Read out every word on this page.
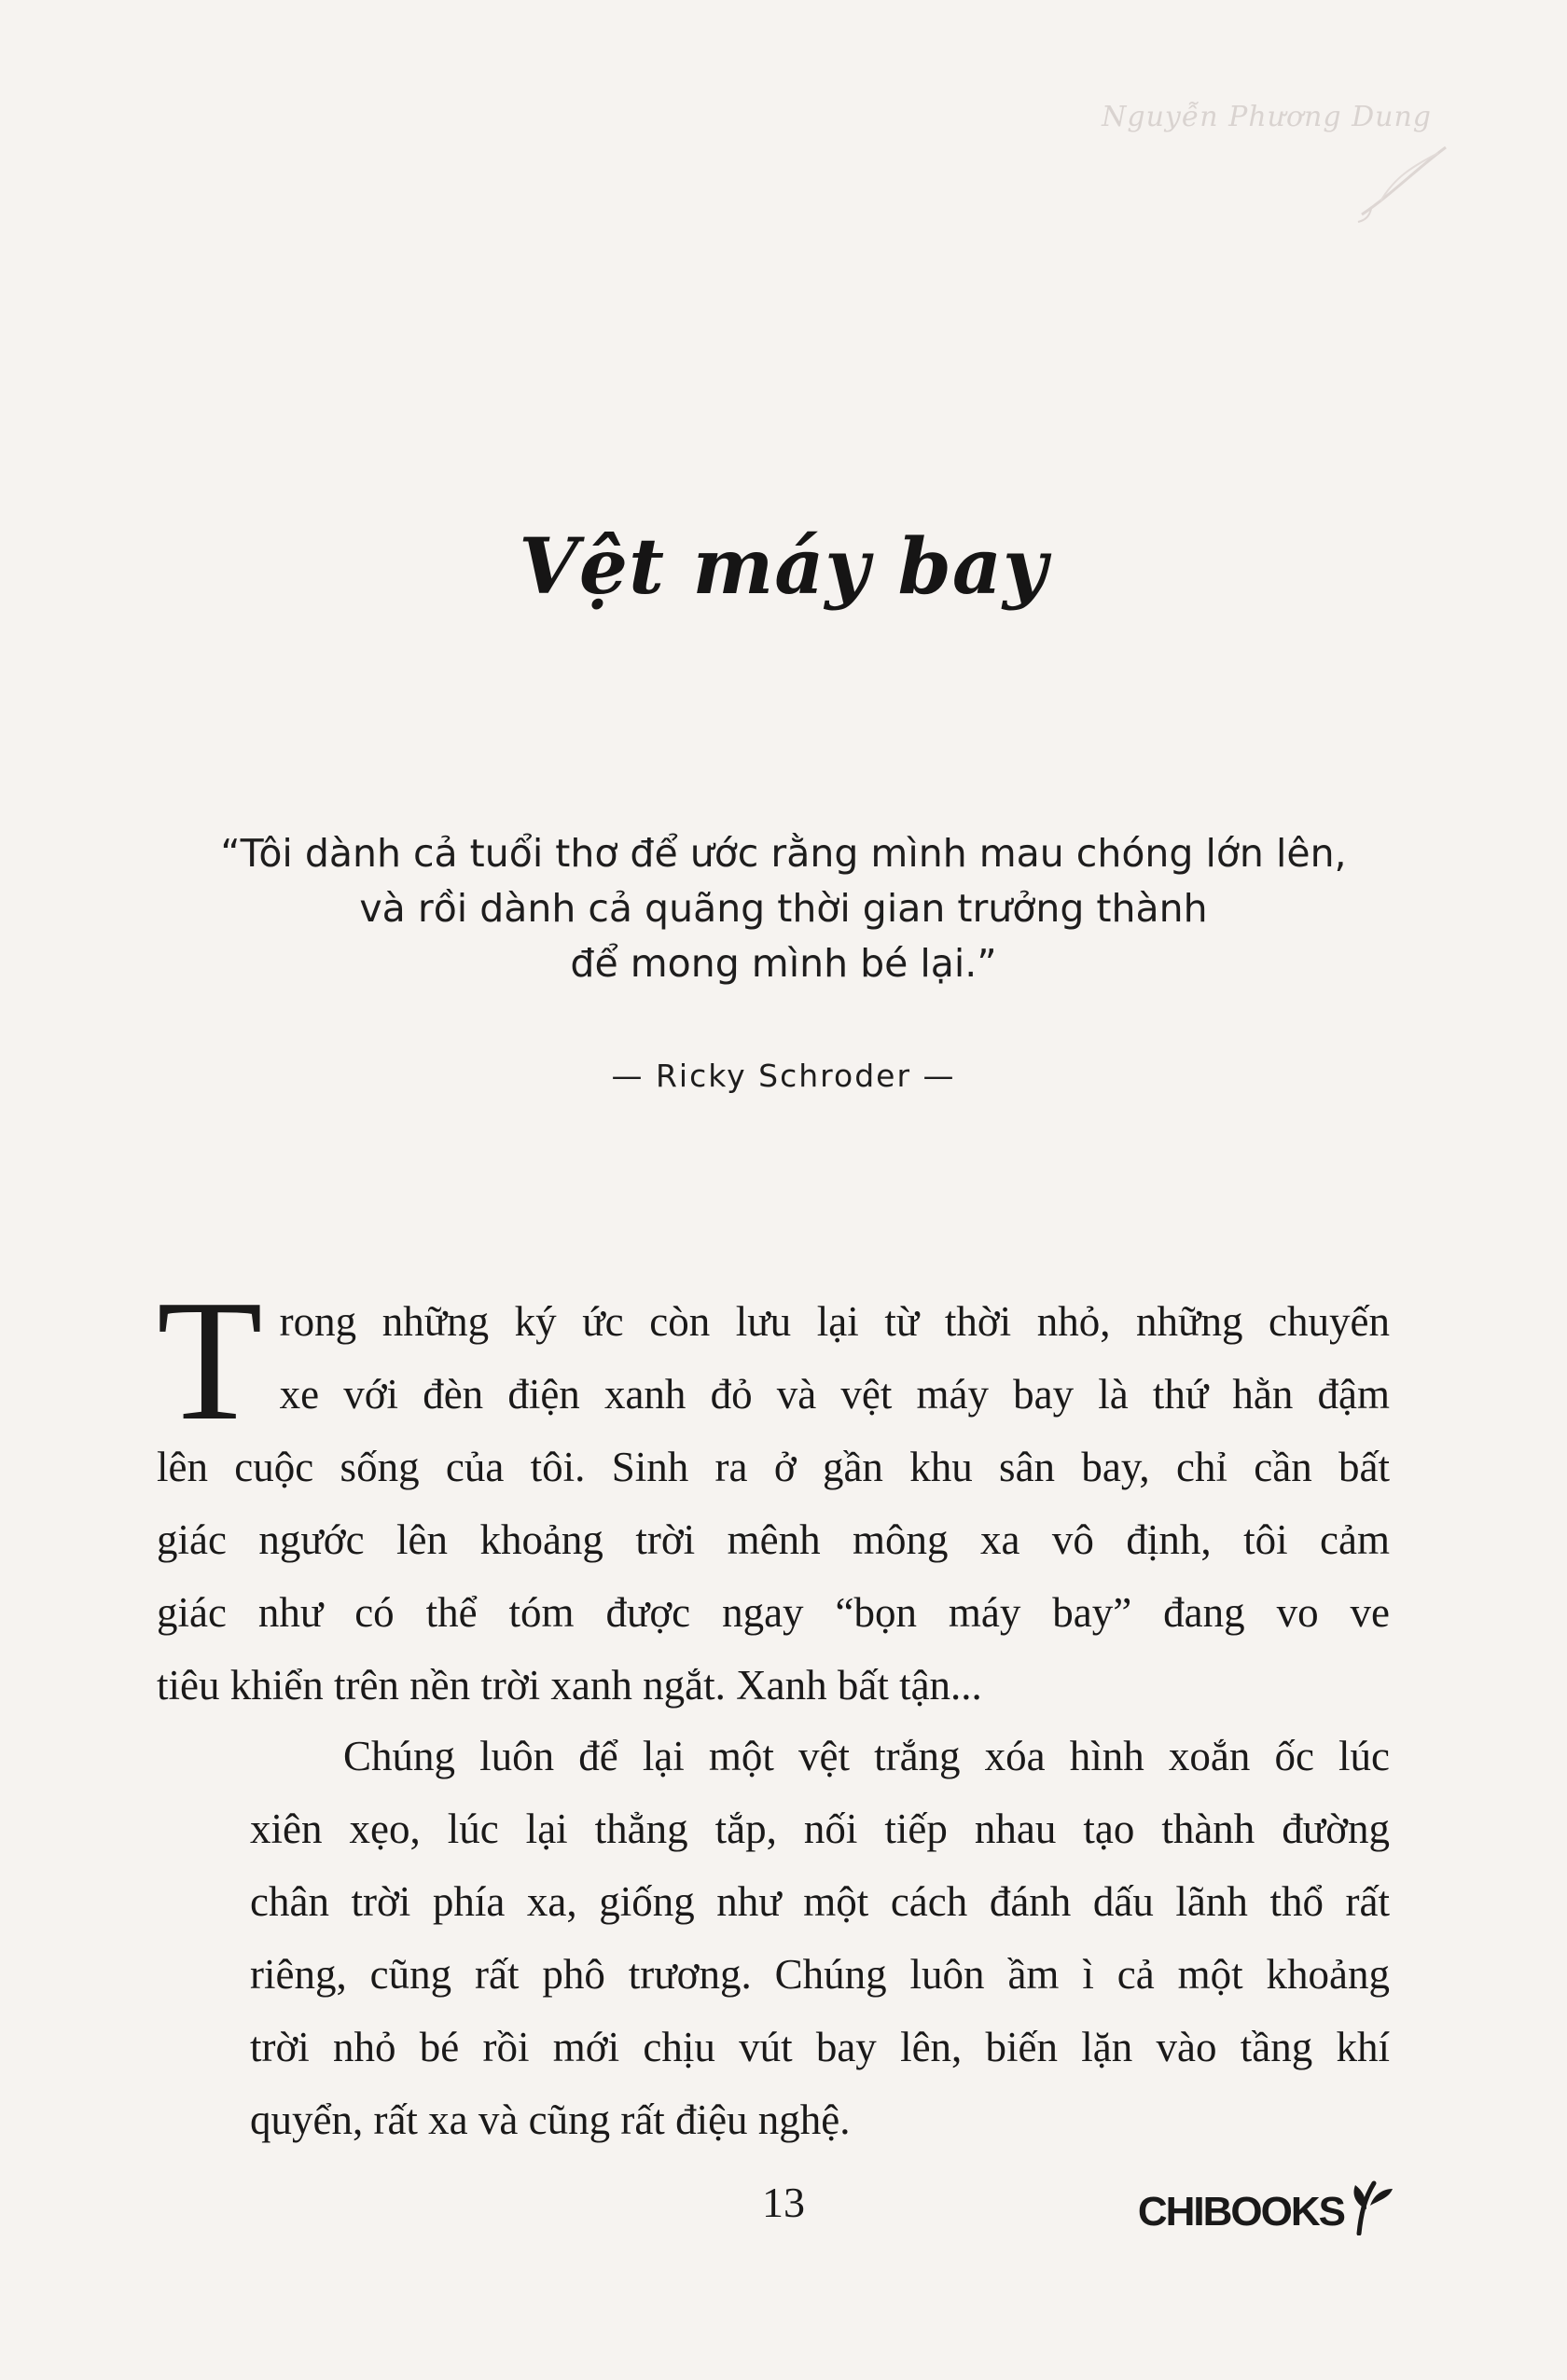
Nguyễn Phương Dung
Vệt máy bay

“Tôi dành cả tuổi thơ để ước rằng mình mau chóng lớn lên,

và rồi dành cả quãng thời gian trưởng thành

để mong mình bé lại.”

— Ricky Schroder —
T rong những ký ức còn lưu lại từ thời nhỏ, những chuyến
xe với đèn điện xanh đỏ và vệt máy bay là thứ hằn đậm
lên cuộc sống của tôi. Sinh ra ở gần khu sân bay, chỉ cần bất
giác ngước lên khoảng trời mênh mông xa vô định, tôi cảm
giác như có thể tóm được ngay “bọn máy bay” đang vo ve
tiêu khiển trên nền trời xanh ngắt. Xanh bất tận...
Chúng luôn để lại một vệt trắng xóa hình xoắn ốc lúc
xiên xẹo, lúc lại thẳng tắp, nối tiếp nhau tạo thành đường
chân trời phía xa, giống như một cách đánh dấu lãnh thổ rất
riêng, cũng rất phô trương. Chúng luôn ầm ì cả một khoảng
trời nhỏ bé rồi mới chịu vút bay lên, biến lặn vào tầng khí
quyển, rất xa và cũng rất điệu nghệ.
13	CHIBOOKS
